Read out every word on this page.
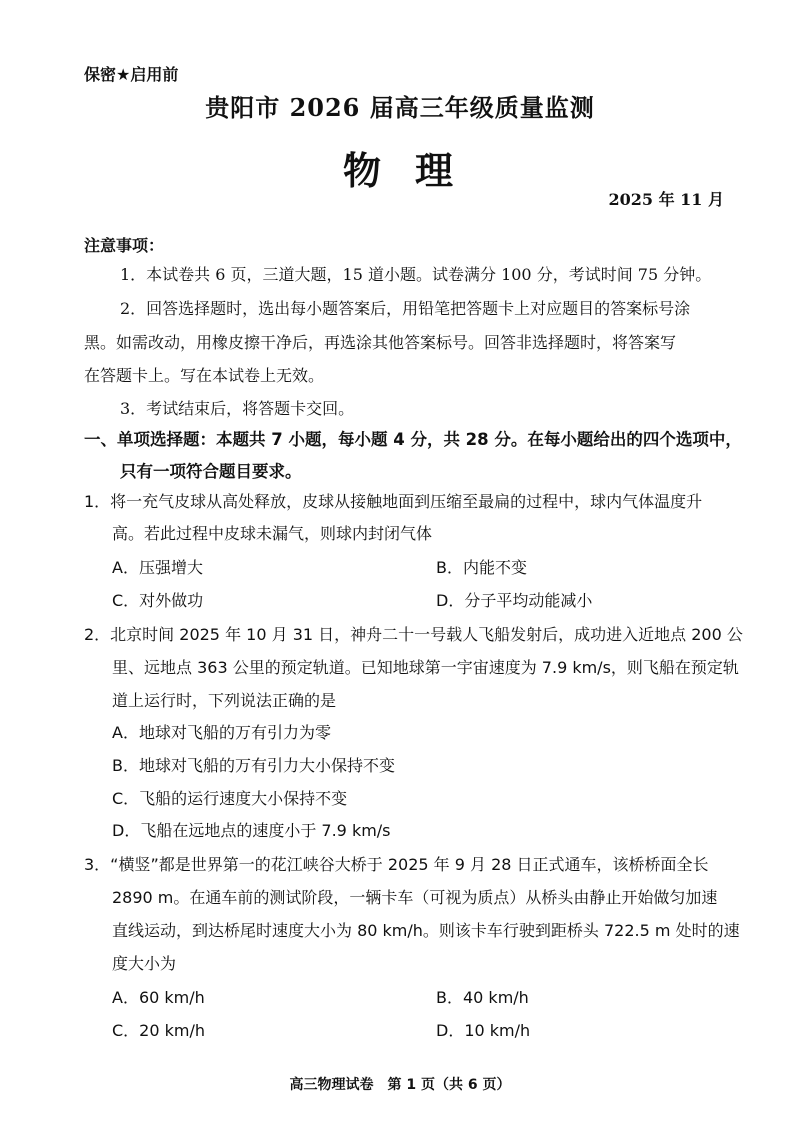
保密★启用前
贵阳市 2026 届高三年级质量监测
物理
2025 年 11 月
注意事项：
1．本试卷共 6 页，三道大题，15 道小题。试卷满分 100 分，考试时间 75 分钟。
2．回答选择题时，选出每小题答案后，用铅笔把答题卡上对应题目的答案标号涂
黑。如需改动，用橡皮擦干净后，再选涂其他答案标号。回答非选择题时，将答案写
在答题卡上。写在本试卷上无效。
3．考试结束后，将答题卡交回。
一、单项选择题：本题共 7 小题，每小题 4 分，共 28 分。在每小题给出的四个选项中，
只有一项符合题目要求。
1．将一充气皮球从高处释放，皮球从接触地面到压缩至最扁的过程中，球内气体温度升
高。若此过程中皮球未漏气，则球内封闭气体
A．压强增大	B．内能不变
C．对外做功	D．分子平均动能减小
2．北京时间 2025 年 10 月 31 日，神舟二十一号载人飞船发射后，成功进入近地点 200 公
里、远地点 363 公里的预定轨道。已知地球第一宇宙速度为 7.9 km/s，则飞船在预定轨
道上运行时，下列说法正确的是
A．地球对飞船的万有引力为零
B．地球对飞船的万有引力大小保持不变
C．飞船的运行速度大小保持不变
D．飞船在远地点的速度小于 7.9 km/s
3．“横竖”都是世界第一的花江峡谷大桥于 2025 年 9 月 28 日正式通车，该桥桥面全长
2890 m。在通车前的测试阶段，一辆卡车（可视为质点）从桥头由静止开始做匀加速
直线运动，到达桥尾时速度大小为 80 km/h。则该卡车行驶到距桥头 722.5 m 处时的速
度大小为
A．60 km/h	B．40 km/h
C．20 km/h	D．10 km/h
高三物理试卷　第 1 页（共 6 页）
